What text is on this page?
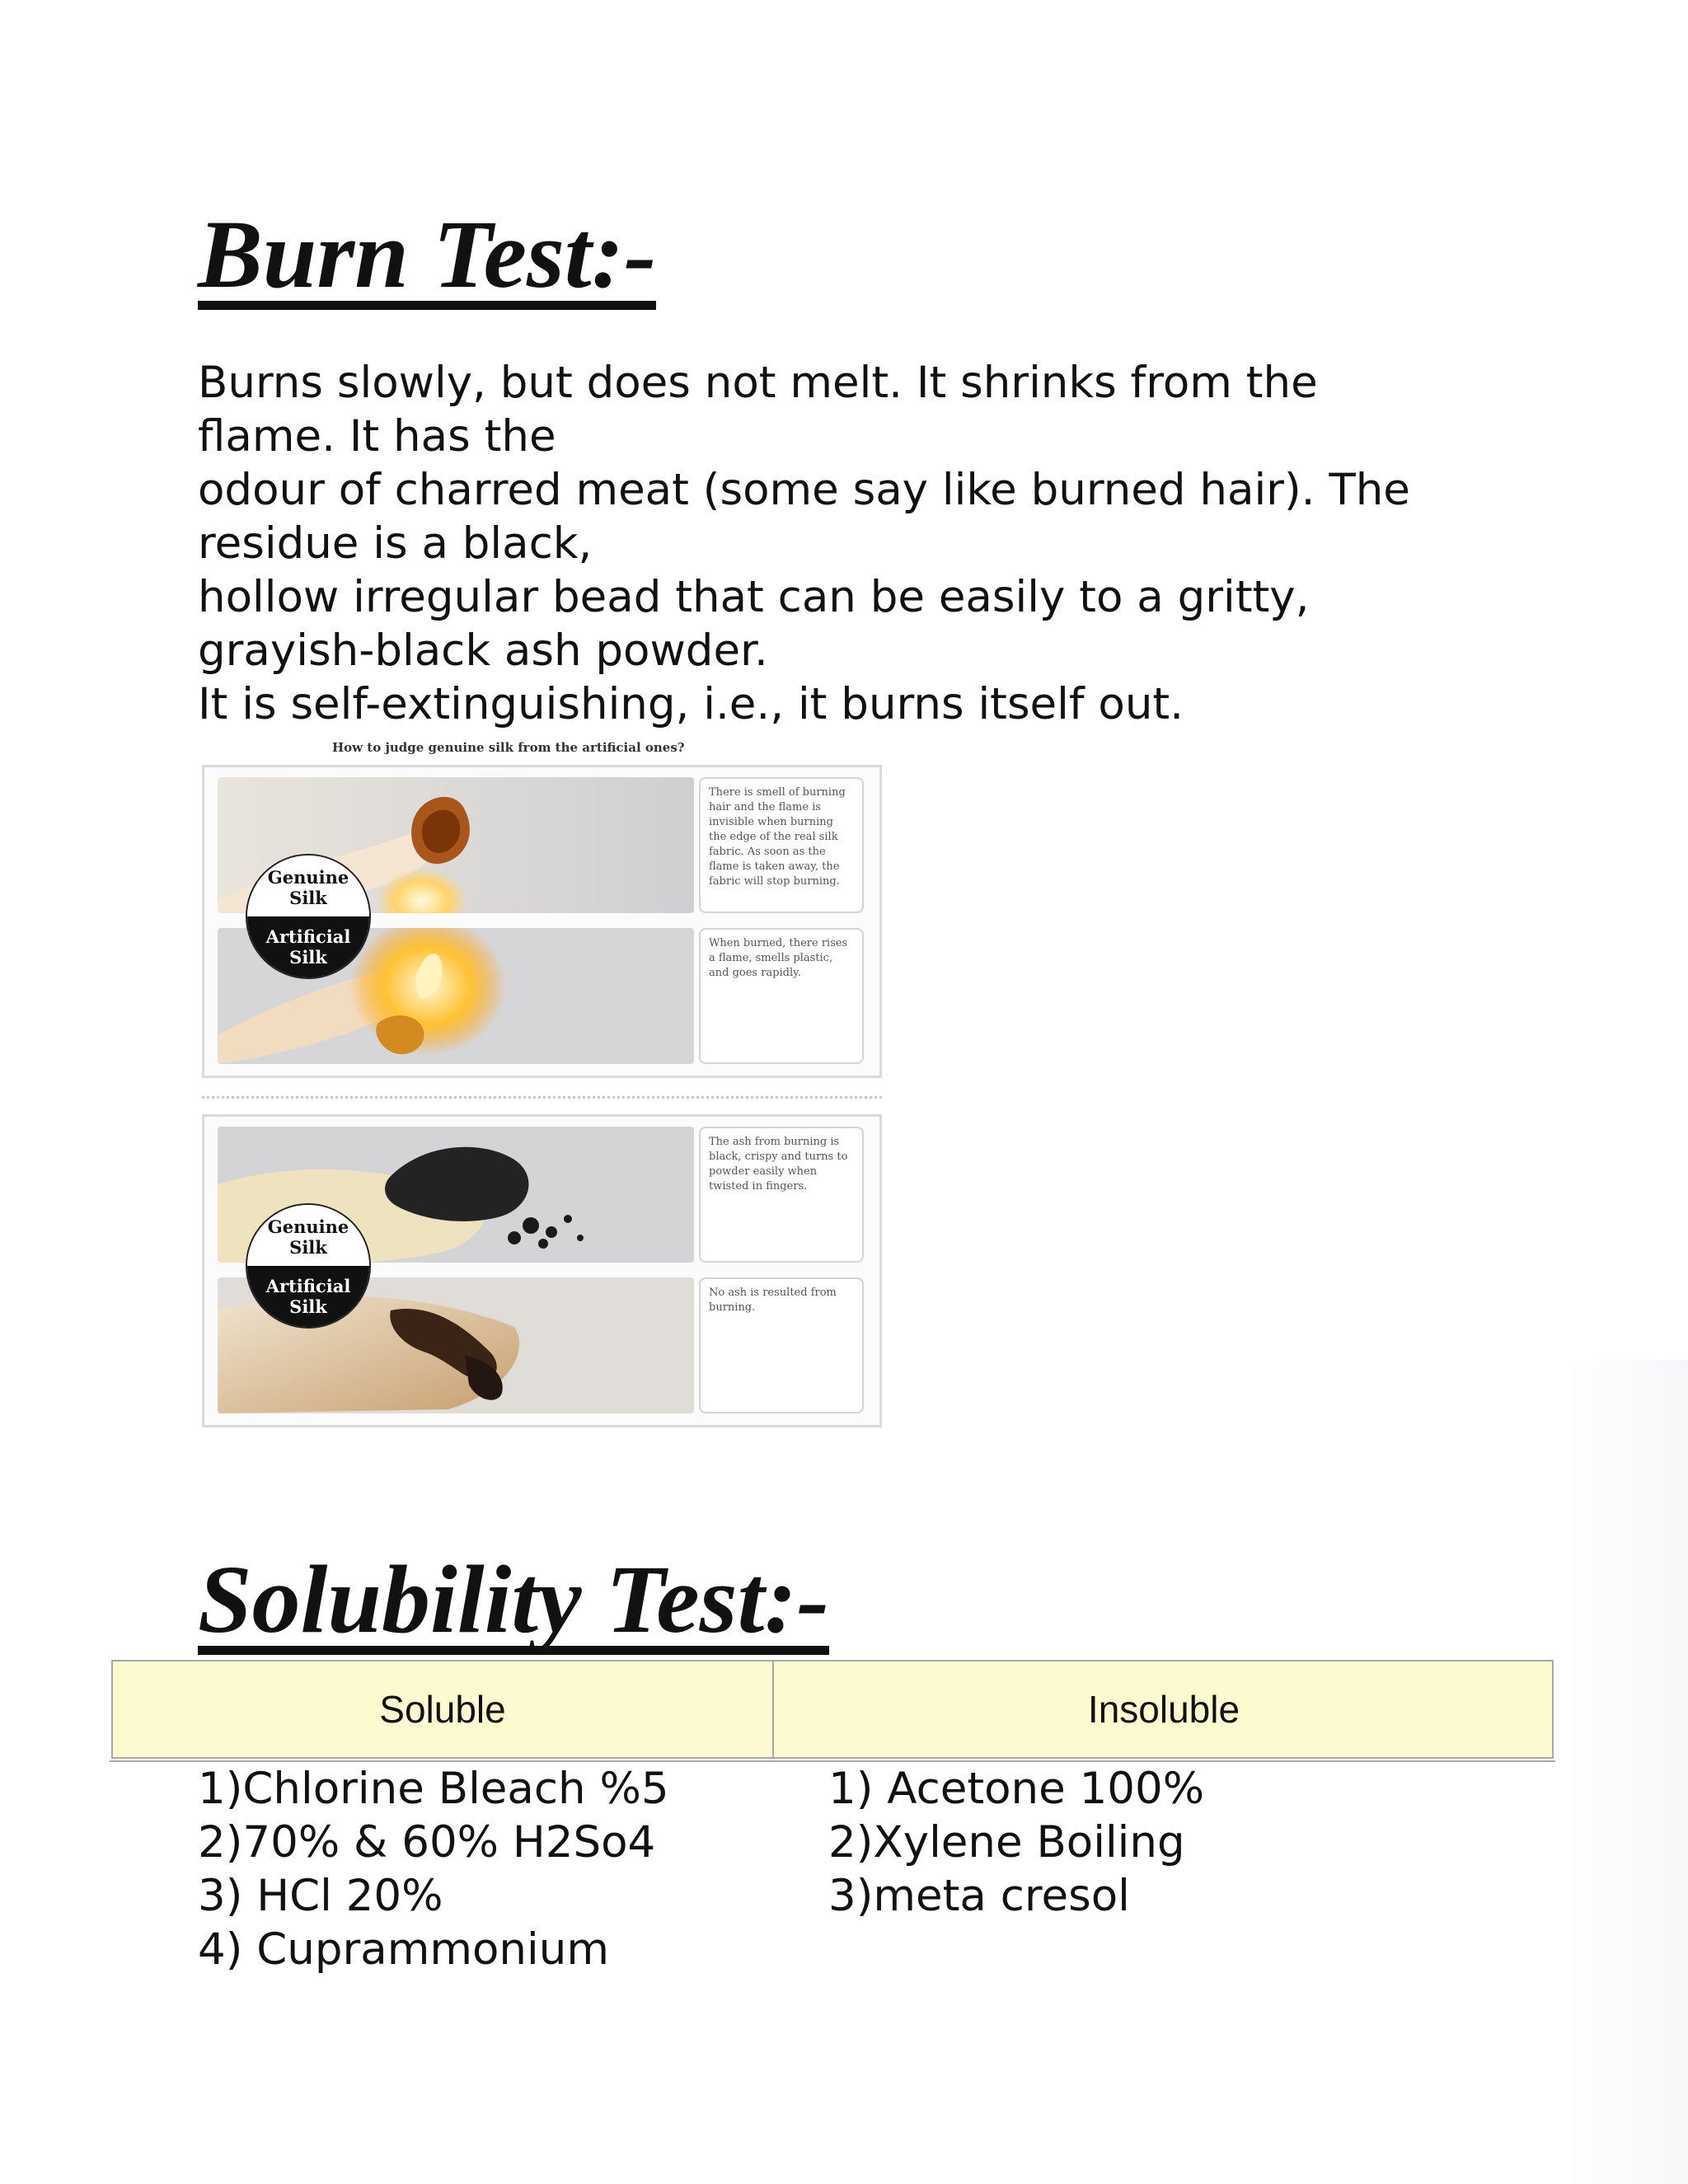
Burn Test:-
Burns slowly, but does not melt. It shrinks from the
flame. It has the
odour of charred meat (some say like burned hair). The
residue is a black,
hollow irregular bead that can be easily to a gritty,
grayish-black ash powder.
It is self-extinguishing, i.e., it burns itself out.
How to judge genuine silk from the artificial ones?
There is smell of burning hair and the flame is invisible when burning the edge of the real silk fabric. As soon as the flame is taken away, the fabric will stop burning.
When burned, there rises a flame, smells plastic, and goes rapidly.
Genuine Silk
Artificial Silk
The ash from burning is black, crispy and turns to powder easily when twisted in fingers.
No ash is resulted from burning.
Genuine Silk
Artificial Silk
Solubility Test:-
Soluble	Insoluble
1)Chlorine Bleach %5
2)70% & 60% H2So4
3) HCl 20%
4) Cuprammonium
1) Acetone 100%
2)Xylene Boiling
3)meta cresol
